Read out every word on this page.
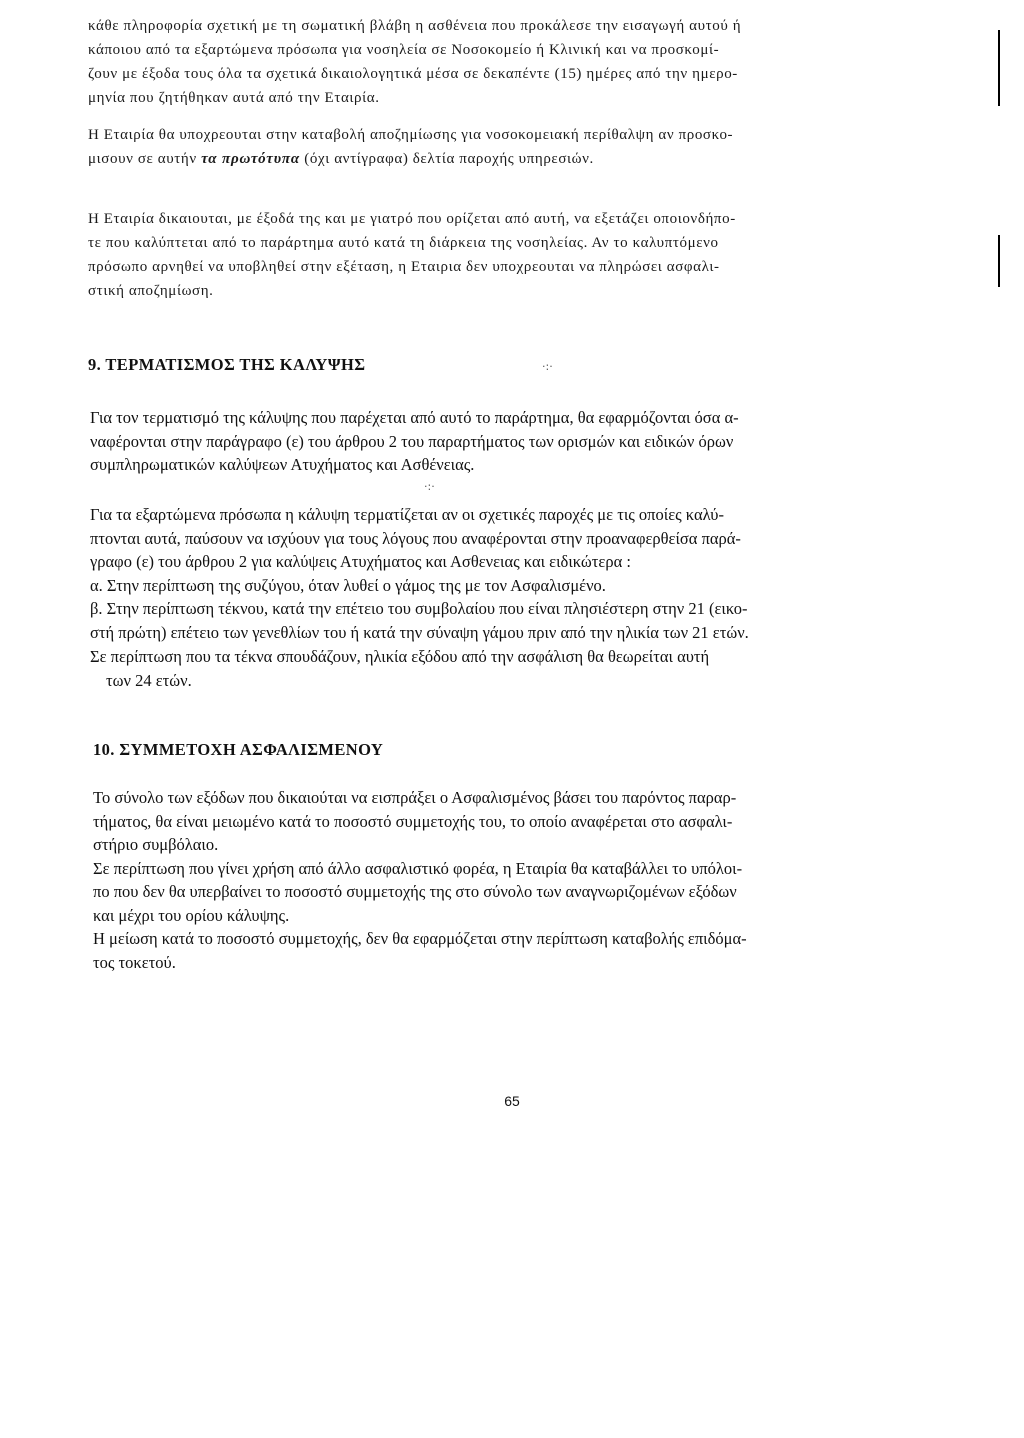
κάθε πληροφορία σχετική με τη σωματική βλάβη η ασθένεια που προκάλεσε την εισαγωγή αυτού ή
κάποιου από τα εξαρτώμενα πρόσωπα για νοσηλεία σε Νοσοκομείο ή Κλινική και να προσκομί-
ζουν με έξοδα τους όλα τα σχετικά δικαιολογητικά μέσα σε δεκαπέντε (15) ημέρες από την ημερο-
μηνία που ζητήθηκαν αυτά από την Εταιρία.
Η Εταιρία θα υποχρεουται στην καταβολή αποζημίωσης για νοσοκομειακή περίθαλψη αν προσκο-
μισουν σε αυτήν τα πρωτότυπα (όχι αντίγραφα) δελτία παροχής υπηρεσιών.
Η Εταιρία δικαιουται, με έξοδά της και με γιατρό που ορίζεται από αυτή, να εξετάζει οποιονδήπο-
τε που καλύπτεται από το παράρτημα αυτό κατά τη διάρκεια της νοσηλείας. Αν το καλυπτόμενο
πρόσωπο αρνηθεί να υποβληθεί στην εξέταση, η Εταιρια δεν υποχρεουται να πληρώσει ασφαλι-
στική αποζημίωση.
9. ΤΕΡΜΑΤΙΣΜΟΣ ΤΗΣ ΚΑΛΥΨΗΣ	·:·
Για τον τερματισμό της κάλυψης που παρέχεται από αυτό το παράρτημα, θα εφαρμόζονται όσα α-
ναφέρονται στην παράγραφο (ε) του άρθρου 2 του παραρτήματος των ορισμών και ειδικών όρων
συμπληρωματικών καλύψεων Ατυχήματος και Ασθένειας.
·:·
Για τα εξαρτώμενα πρόσωπα η κάλυψη τερματίζεται αν οι σχετικές παροχές με τις οποίες καλύ-
πτονται αυτά, παύσουν να ισχύουν για τους λόγους που αναφέρονται στην προαναφερθείσα παρά-
γραφο (ε) του άρθρου 2 για καλύψεις Ατυχήματος και Ασθενειας και ειδικώτερα :
α. Στην περίπτωση της συζύγου, όταν λυθεί ο γάμος της με τον Ασφαλισμένο.
β. Στην περίπτωση τέκνου, κατά την επέτειο του συμβολαίου που είναι πλησιέστερη στην 21 (εικο-
στή πρώτη) επέτειο των γενεθλίων του ή κατά την σύναψη γάμου πριν από την ηλικία των 21 ετών.
Σε περίπτωση που τα τέκνα σπουδάζουν, ηλικία εξόδου από την ασφάλιση θα θεωρείται αυτή
των 24 ετών.
10. ΣΥΜΜΕΤΟΧΗ ΑΣΦΑΛΙΣΜΕΝΟΥ
Το σύνολο των εξόδων που δικαιούται να εισπράξει ο Ασφαλισμένος βάσει του παρόντος παραρ-
τήματος, θα είναι μειωμένο κατά το ποσοστό συμμετοχής του, το οποίο αναφέρεται στο ασφαλι-
στήριο συμβόλαιο.
Σε περίπτωση που γίνει χρήση από άλλο ασφαλιστικό φορέα, η Εταιρία θα καταβάλλει το υπόλοι-
πο που δεν θα υπερβαίνει το ποσοστό συμμετοχής της στο σύνολο των αναγνωριζομένων εξόδων
και μέχρι του ορίου κάλυψης.
Η μείωση κατά το ποσοστό συμμετοχής, δεν θα εφαρμόζεται στην περίπτωση καταβολής επιδόμα-
τος τοκετού.
65
